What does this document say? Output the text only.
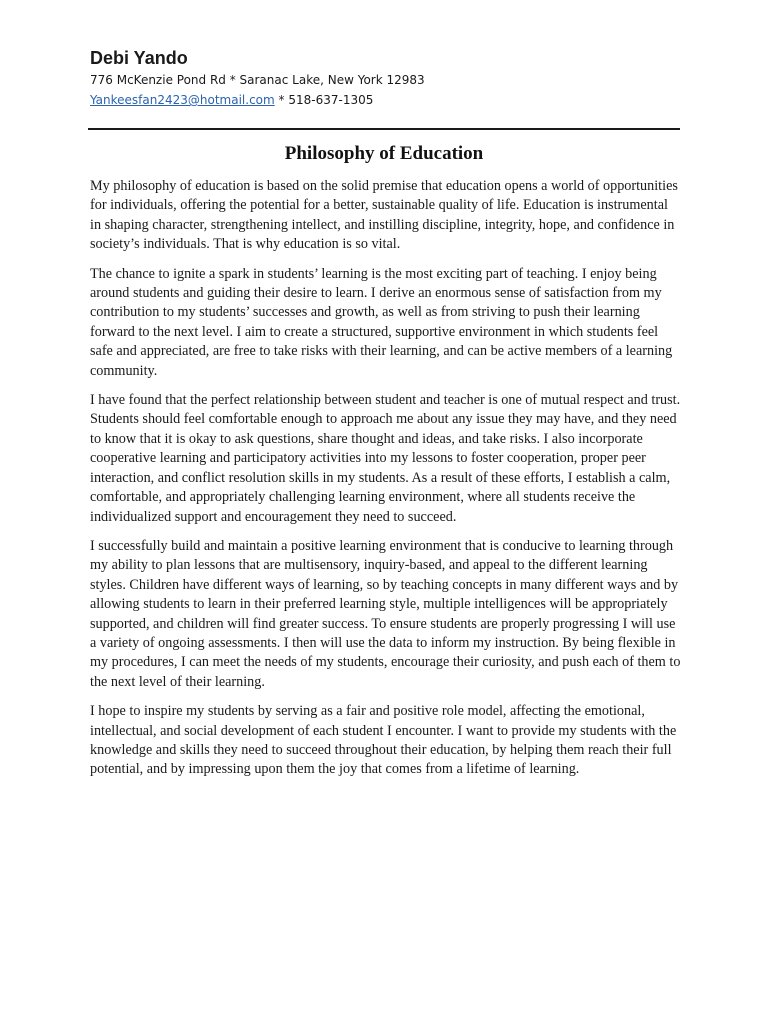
Debi Yando

776 McKenzie Pond Rd * Saranac Lake, New York 12983

Yankeesfan2423@hotmail.com * 518-637-1305

Philosophy of Education

My philosophy of education is based on the solid premise that education opens a world of opportunities for individuals, offering the potential for a better, sustainable quality of life. Education is instrumental in shaping character, strengthening intellect, and instilling discipline, integrity, hope, and confidence in society’s individuals. That is why education is so vital.

The chance to ignite a spark in students’ learning is the most exciting part of teaching. I enjoy being around students and guiding their desire to learn. I derive an enormous sense of satisfaction from my contribution to my students’ successes and growth, as well as from striving to push their learning forward to the next level. I aim to create a structured, supportive environment in which students feel safe and appreciated, are free to take risks with their learning, and can be active members of a learning community.

I have found that the perfect relationship between student and teacher is one of mutual respect and trust. Students should feel comfortable enough to approach me about any issue they may have, and they need to know that it is okay to ask questions, share thought and ideas, and take risks. I also incorporate cooperative learning and participatory activities into my lessons to foster cooperation, proper peer interaction, and conflict resolution skills in my students. As a result of these efforts, I establish a calm, comfortable, and appropriately challenging learning environment, where all students receive the individualized support and encouragement they need to succeed.

I successfully build and maintain a positive learning environment that is conducive to learning through my ability to plan lessons that are multisensory, inquiry-based, and appeal to the different learning styles. Children have different ways of learning, so by teaching concepts in many different ways and by allowing students to learn in their preferred learning style, multiple intelligences will be appropriately supported, and children will find greater success. To ensure students are properly progressing I will use a variety of ongoing assessments. I then will use the data to inform my instruction. By being flexible in my procedures, I can meet the needs of my students, encourage their curiosity, and push each of them to the next level of their learning.

I hope to inspire my students by serving as a fair and positive role model, affecting the emotional, intellectual, and social development of each student I encounter. I want to provide my students with the knowledge and skills they need to succeed throughout their education, by helping them reach their full potential, and by impressing upon them the joy that comes from a lifetime of learning.
